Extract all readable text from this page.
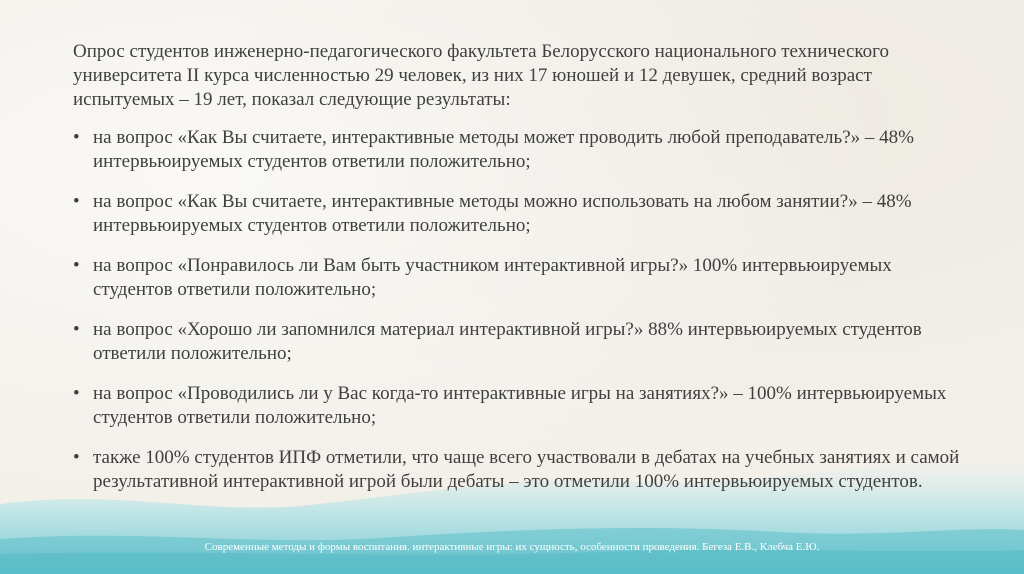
Опрос студентов инженерно-педагогического факультета Белорусского национального технического университета II курса численностью 29 человек, из них 17 юношей и 12 девушек, средний возраст испытуемых – 19 лет, показал следующие результаты:

• на вопрос «Как Вы считаете, интерактивные методы может проводить любой преподаватель?» – 48% интервьюируемых студентов ответили положительно;
• на вопрос «Как Вы считаете, интерактивные методы можно использовать на любом занятии?» – 48% интервьюируемых студентов ответили положительно;
• на вопрос «Понравилось ли Вам быть участником интерактивной игры?» 100% интервьюируемых студентов ответили положительно;
• на вопрос «Хорошо ли запомнился материал интерактивной игры?» 88% интервьюируемых студентов ответили положительно;
• на вопрос «Проводились ли у Вас когда-то интерактивные игры на занятиях?» – 100% интервьюируемых студентов ответили положительно;
• также 100% студентов ИПФ отметили, что чаще всего участвовали в дебатах на учебных занятиях и самой результативной интерактивной игрой были дебаты – это отметили 100% интервьюируемых студентов.
Современные методы и формы воспитания. интерактивные игры: их сущность, особенности проведения. Бегеза Е.В., Клебча Е.Ю.
